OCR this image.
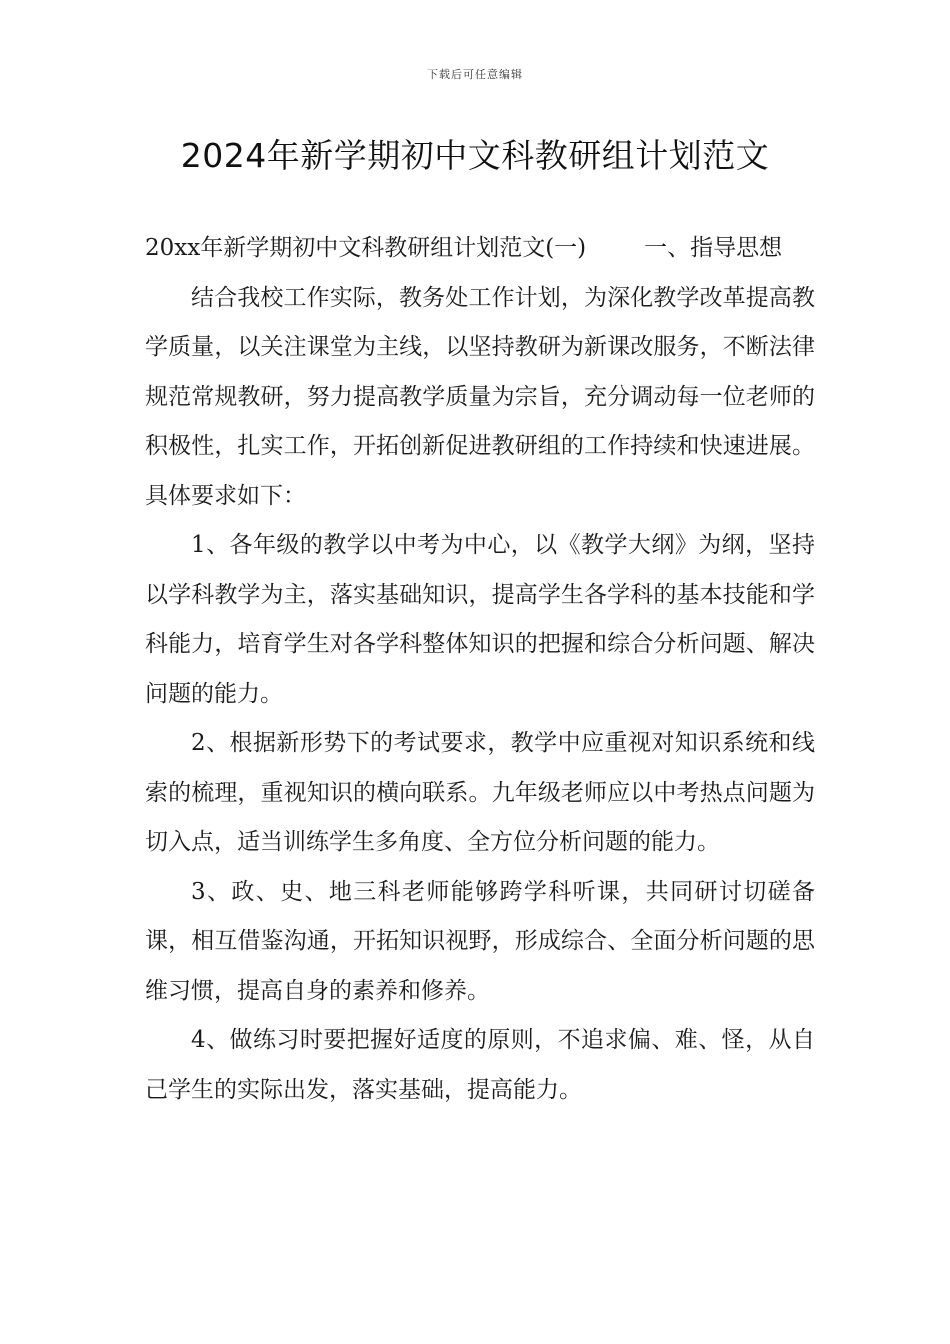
下载后可任意编辑
2024年新学期初中文科教研组计划范文

20xx年新学期初中文科教研组计划范文(一)	一、指导思想

结合我校工作实际，教务处工作计划，为深化教学改革提高教学质量，以关注课堂为主线，以坚持教研为新课改服务，不断法律规范常规教研，努力提高教学质量为宗旨，充分调动每一位老师的积极性，扎实工作，开拓创新促进教研组的工作持续和快速进展。具体要求如下：

1、各年级的教学以中考为中心，以《教学大纲》为纲，坚持以学科教学为主，落实基础知识，提高学生各学科的基本技能和学科能力，培育学生对各学科整体知识的把握和综合分析问题、解决问题的能力。

2、根据新形势下的考试要求，教学中应重视对知识系统和线索的梳理，重视知识的横向联系。九年级老师应以中考热点问题为切入点，适当训练学生多角度、全方位分析问题的能力。

3、政、史、地三科老师能够跨学科听课，共同研讨切磋备课，相互借鉴沟通，开拓知识视野，形成综合、全面分析问题的思维习惯，提高自身的素养和修养。

4、做练习时要把握好适度的原则，不追求偏、难、怪，从自己学生的实际出发，落实基础，提高能力。
